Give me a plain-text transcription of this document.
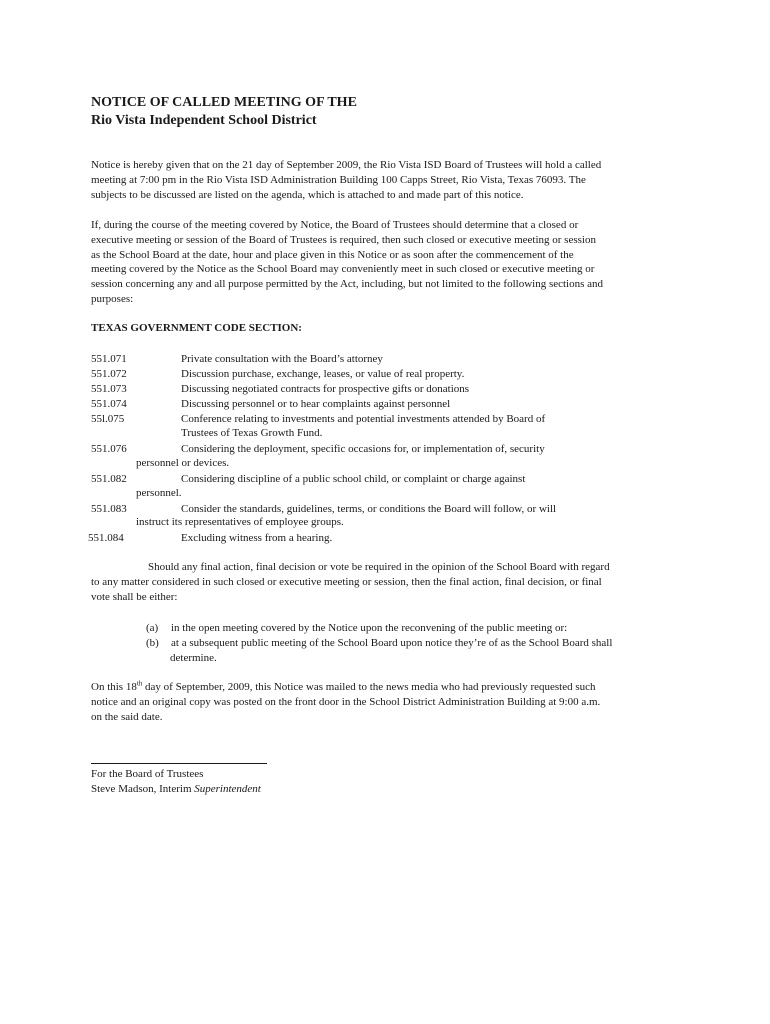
NOTICE OF CALLED MEETING OF THE
Rio Vista Independent School District
Notice is hereby given that on the 21 day of September 2009, the Rio Vista ISD Board of Trustees will hold a called
meeting at 7:00 pm in the Rio Vista ISD Administration Building 100 Capps Street, Rio Vista, Texas 76093. The
subjects to be discussed are listed on the agenda, which is attached to and made part of this notice.
If, during the course of the meeting covered by Notice, the Board of Trustees should determine that a closed or
executive meeting or session of the Board of Trustees is required, then such closed or executive meeting or session
as the School Board at the date, hour and place given in this Notice or as soon after the commencement of the
meeting covered by the Notice as the School Board may conveniently meet in such closed or executive meeting or
session concerning any and all purpose permitted by the Act, including, but not limited to the following sections and
purposes:
TEXAS GOVERNMENT CODE SECTION:
551.071	Private consultation with the Board’s attorney
551.072	Discussion purchase, exchange, leases, or value of real property.
551.073	Discussing negotiated contracts for prospective gifts or donations
551.074	Discussing personnel or to hear complaints against personnel
55l.075	Conference relating to investments and potential investments attended by Board of
Trustees of Texas Growth Fund.
551.076	Considering the deployment, specific occasions for, or implementation of, security
personnel or devices.
551.082	Considering discipline of a public school child, or complaint or charge against
personnel.
551.083	Consider the standards, guidelines, terms, or conditions the Board will follow, or will
instruct its representatives of employee groups.
551.084	Excluding witness from a hearing.
Should any final action, final decision or vote be required in the opinion of the School Board with regard
to any matter considered in such closed or executive meeting or session, then the final action, final decision, or final
vote shall be either:
(a) in the open meeting covered by the Notice upon the reconvening of the public meeting or:
(b) at a subsequent public meeting of the School Board upon notice they’re of as the School Board shall
determine.
On this 18th day of September, 2009, this Notice was mailed to the news media who had previously requested such
notice and an original copy was posted on the front door in the School District Administration Building at 9:00 a.m.
on the said date.
For the Board of Trustees
Steve Madson, Interim Superintendent
